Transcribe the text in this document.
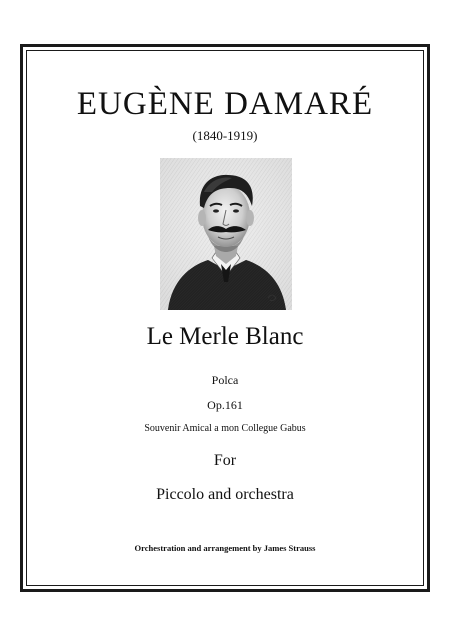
EUGÈNE DAMARÉ
(1840-1919)
Le Merle Blanc
Polca
Op.161
Souvenir Amical a mon Collegue Gabus
For
Piccolo and orchestra
Orchestration and arrangement by James Strauss
